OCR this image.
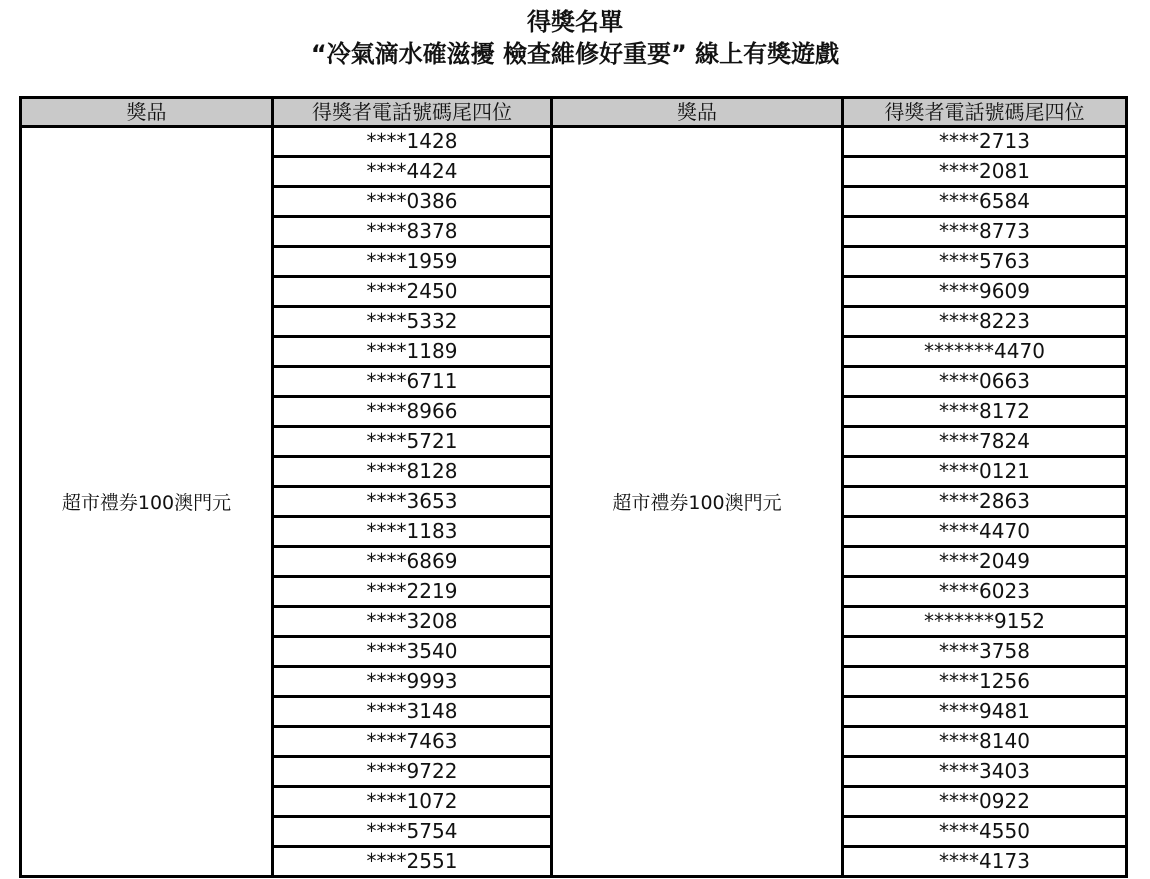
得獎名單
“冷氣滴水確滋擾 檢查維修好重要” 線上有獎遊戲
獎品	得獎者電話號碼尾四位	獎品	得獎者電話號碼尾四位
超市禮券100澳門元	****1428	超市禮券100澳門元	****2713
	****4424		****2081
	****0386		****6584
	****8378		****8773
	****1959		****5763
	****2450		****9609
	****5332		****8223
	****1189		*******4470
	****6711		****0663
	****8966		****8172
	****5721		****7824
	****8128		****0121
	****3653		****2863
	****1183		****4470
	****6869		****2049
	****2219		****6023
	****3208		*******9152
	****3540		****3758
	****9993		****1256
	****3148		****9481
	****7463		****8140
	****9722		****3403
	****1072		****0922
	****5754		****4550
	****2551		****4173
